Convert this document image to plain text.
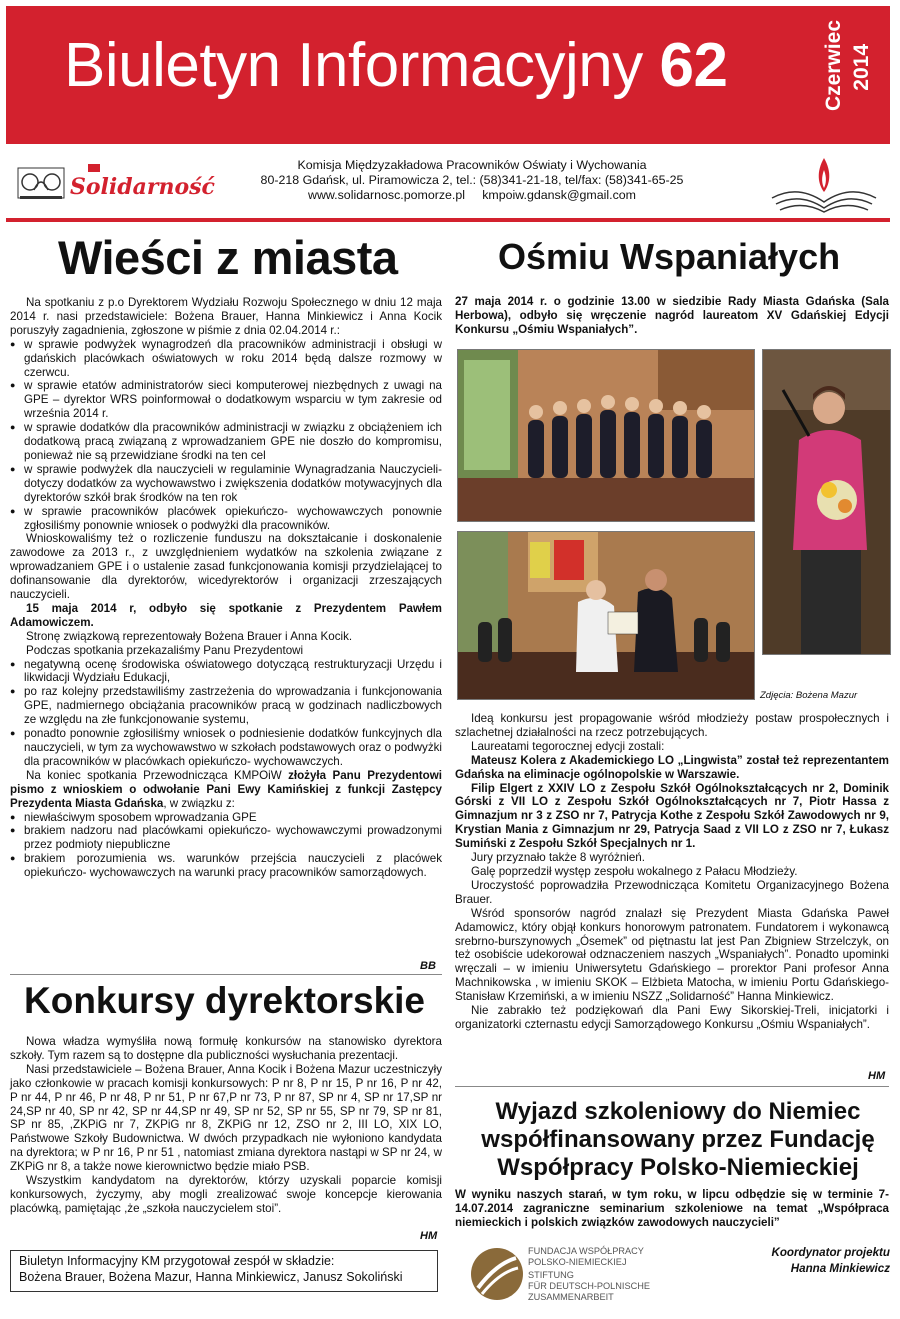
Biuletyn Informacyjny 62	Czerwiec 2014
Solidarność
Komisja Międzyzakładowa Pracowników Oświaty i Wychowania
80-218 Gdańsk, ul. Piramowicza 2, tel.: (58)341-21-18, tel/fax: (58)341-65-25
www.solidarnosc.pomorze.pl kmpoiw.gdansk@gmail.com
Wieści z miasta

Na spotkaniu z p.o Dyrektorem Wydziału Rozwoju Społecznego w dniu 12 maja 2014 r. nasi przedstawiciele: Bożena Brauer, Hanna Minkiewicz i Anna Kocik poruszyły zagadnienia, zgłoszone w piśmie z dnia 02.04.2014 r.:

● w sprawie podwyżek wynagrodzeń dla pracowników administracji i obsługi w gdańskich placówkach oświatowych w roku 2014 będą dalsze rozmowy w czerwcu.
● w sprawie etatów administratorów sieci komputerowej niezbędnych z uwagi na GPE – dyrektor WRS poinformował o dodatkowym wsparciu w tym zakresie od września 2014 r.
● w sprawie dodatków dla pracowników administracji w związku z obciążeniem ich dodatkową pracą związaną z wprowadzaniem GPE nie doszło do kompromisu, ponieważ nie są przewidziane środki na ten cel
● w sprawie podwyżek dla nauczycieli w regulaminie Wynagradzania Nauczycieli-dotyczy dodatków za wychowawstwo i zwiększenia dodatków motywacyjnych dla dyrektorów szkół brak środków na ten rok
● w sprawie pracowników placówek opiekuńczo- wychowawczych ponownie zgłosiliśmy ponownie wniosek o podwyżki dla pracowników.

Wnioskowaliśmy też o rozliczenie funduszu na dokształcanie i doskonalenie zawodowe za 2013 r., z uwzględnieniem wydatków na szkolenia związane z wprowadzaniem GPE i o ustalenie zasad funkcjonowania komisji przydzielającej to dofinansowanie dla dyrektorów, wicedyrektorów i organizacji zrzeszających nauczycieli.

15 maja 2014 r, odbyło się spotkanie z Prezydentem Pawłem Adamowiczem.

Stronę związkową reprezentowały Bożena Brauer i Anna Kocik.

Podczas spotkania przekazaliśmy Panu Prezydentowi

● negatywną ocenę środowiska oświatowego dotyczącą restrukturyzacji Urzędu i likwidacji Wydziału Edukacji,
● po raz kolejny przedstawiliśmy zastrzeżenia do wprowadzania i funkcjonowania GPE, nadmiernego obciążania pracowników pracą w godzinach nadliczbowych ze względu na złe funkcjonowanie systemu,
● ponadto ponownie zgłosiliśmy wniosek o podniesienie dodatków funkcyjnych dla nauczycieli, w tym za wychowawstwo w szkołach podstawowych oraz o podwyżki dla pracowników w placówkach opiekuńczo- wychowawczych.

Na koniec spotkania Przewodnicząca KMPOiW złożyła Panu Prezydentowi pismo z wnioskiem o odwołanie Pani Ewy Kamińskiej z funkcji Zastępcy Prezydenta Miasta Gdańska, w związku z:

● niewłaściwym sposobem wprowadzania GPE
● brakiem nadzoru nad placówkami opiekuńczo- wychowawczymi prowadzonymi przez podmioty niepubliczne
● brakiem porozumienia ws. warunków przejścia nauczycieli z placówek opiekuńczo- wychowawczych na warunki pracy pracowników samorządowych.
BB
Konkursy dyrektorskie

Nowa władza wymyśliła nową formułę konkursów na stanowisko dyrektora szkoły. Tym razem są to dostępne dla publiczności wysłuchania prezentacji.

Nasi przedstawiciele – Bożena Brauer, Anna Kocik i Bożena Mazur uczestniczyły jako członkowie w pracach komisji konkursowych: P nr 8, P nr 15, P nr 16, P nr 42, P nr 44, P nr 46, P nr 48, P nr 51, P nr 67,P nr 73, P nr 87, SP nr 4, SP nr 17,SP nr 24,SP nr 40, SP nr 42, SP nr 44,SP nr 49, SP nr 52, SP nr 55, SP nr 79, SP nr 81, SP nr 85, ,ZKPiG nr 7, ZKPiG nr 8, ZKPiG nr 12, ZSO nr 2, III LO, XIX LO, Państwowe Szkoły Budownictwa. W dwóch przypadkach nie wyłoniono kandydata na dyrektora; w P nr 16, P nr 51 , natomiast zmiana dyrektora nastąpi w SP nr 24, w ZKPiG nr 8, a także nowe kierownictwo będzie miało PSB.

Wszystkim kandydatom na dyrektorów, którzy uzyskali poparcie komisji konkursowych, życzymy, aby mogli zrealizować swoje koncepcje kierowania placówką, pamiętając ,że „szkoła nauczycielem stoi”.

HM
Biuletyn Informacyjny KM przygotował zespół w składzie:
Bożena Brauer, Bożena Mazur, Hanna Minkiewicz, Janusz Sokoliński
Ośmiu Wspaniałych

27 maja 2014 r. o godzinie 13.00 w siedzibie Rady Miasta Gdańska (Sala Herbowa), odbyło się wręczenie nagród laureatom XV Gdańskiej Edycji Konkursu „Ośmiu Wspaniałych”.

Zdjęcia: Bożena Mazur

Ideą konkursu jest propagowanie wśród młodzieży postaw prospołecznych i szlachetnej działalności na rzecz potrzebujących.

Laureatami tegorocznej edycji zostali:

Mateusz Kolera z Akademickiego LO „Lingwista” został też reprezentantem Gdańska na eliminacje ogólnopolskie w Warszawie.

Filip Elgert z XXIV LO z Zespołu Szkół Ogólnokształcących nr 2, Dominik Górski z VII LO z Zespołu Szkół Ogólnokształcących nr 7, Piotr Hassa z Gimnazjum nr 3 z ZSO nr 7, Patrycja Kothe z Zespołu Szkół Zawodowych nr 9, Krystian Mania z Gimnazjum nr 29, Patrycja Saad z VII LO z ZSO nr 7, Łukasz Sumiński z Zespołu Szkół Specjalnych nr 1.

Jury przyznało także 8 wyróżnień.

Galę poprzedził występ zespołu wokalnego z Pałacu Młodzieży.

Uroczystość poprowadziła Przewodnicząca Komitetu Organizacyjnego Bożena Brauer.

Wśród sponsorów nagród znalazł się Prezydent Miasta Gdańska Paweł Adamowicz, który objął konkurs honorowym patronatem. Fundatorem i wykonawcą srebrno-burszynowych „Ósemek” od piętnastu lat jest Pan Zbigniew Strzelczyk, on też osobiście udekorował odznaczeniem naszych „Wspaniałych”. Ponadto upominki wręczali – w imieniu Uniwersytetu Gdańskiego – prorektor Pani profesor Anna Machnikowska , w imieniu SKOK – Elżbieta Matocha, w imieniu Portu Gdańskiego-Stanisław Krzemiński, a w imieniu NSZZ „Solidarność” Hanna Minkiewicz.

Nie zabrakło też podziękowań dla Pani Ewy Sikorskiej-Treli, inicjatorki i organizatorki czternastu edycji Samorządowego Konkursu „Ośmiu Wspaniałych”.

HM
Wyjazd szkoleniowy do Niemiec współfinansowany przez Fundację Współpracy Polsko-Niemieckiej

W wyniku naszych starań, w tym roku, w lipcu odbędzie się w terminie 7-14.07.2014 zagraniczne seminarium szkoleniowe na temat „Współpraca niemieckich i polskich związków zawodowych nauczycieli”

FUNDACJA WSPÓŁPRACY
POLSKO-NIEMIECKIEJ
STIFTUNG
FÜR DEUTSCH-POLNISCHE
ZUSAMMENARBEIT
Koordynator projektu
Hanna Minkiewicz
